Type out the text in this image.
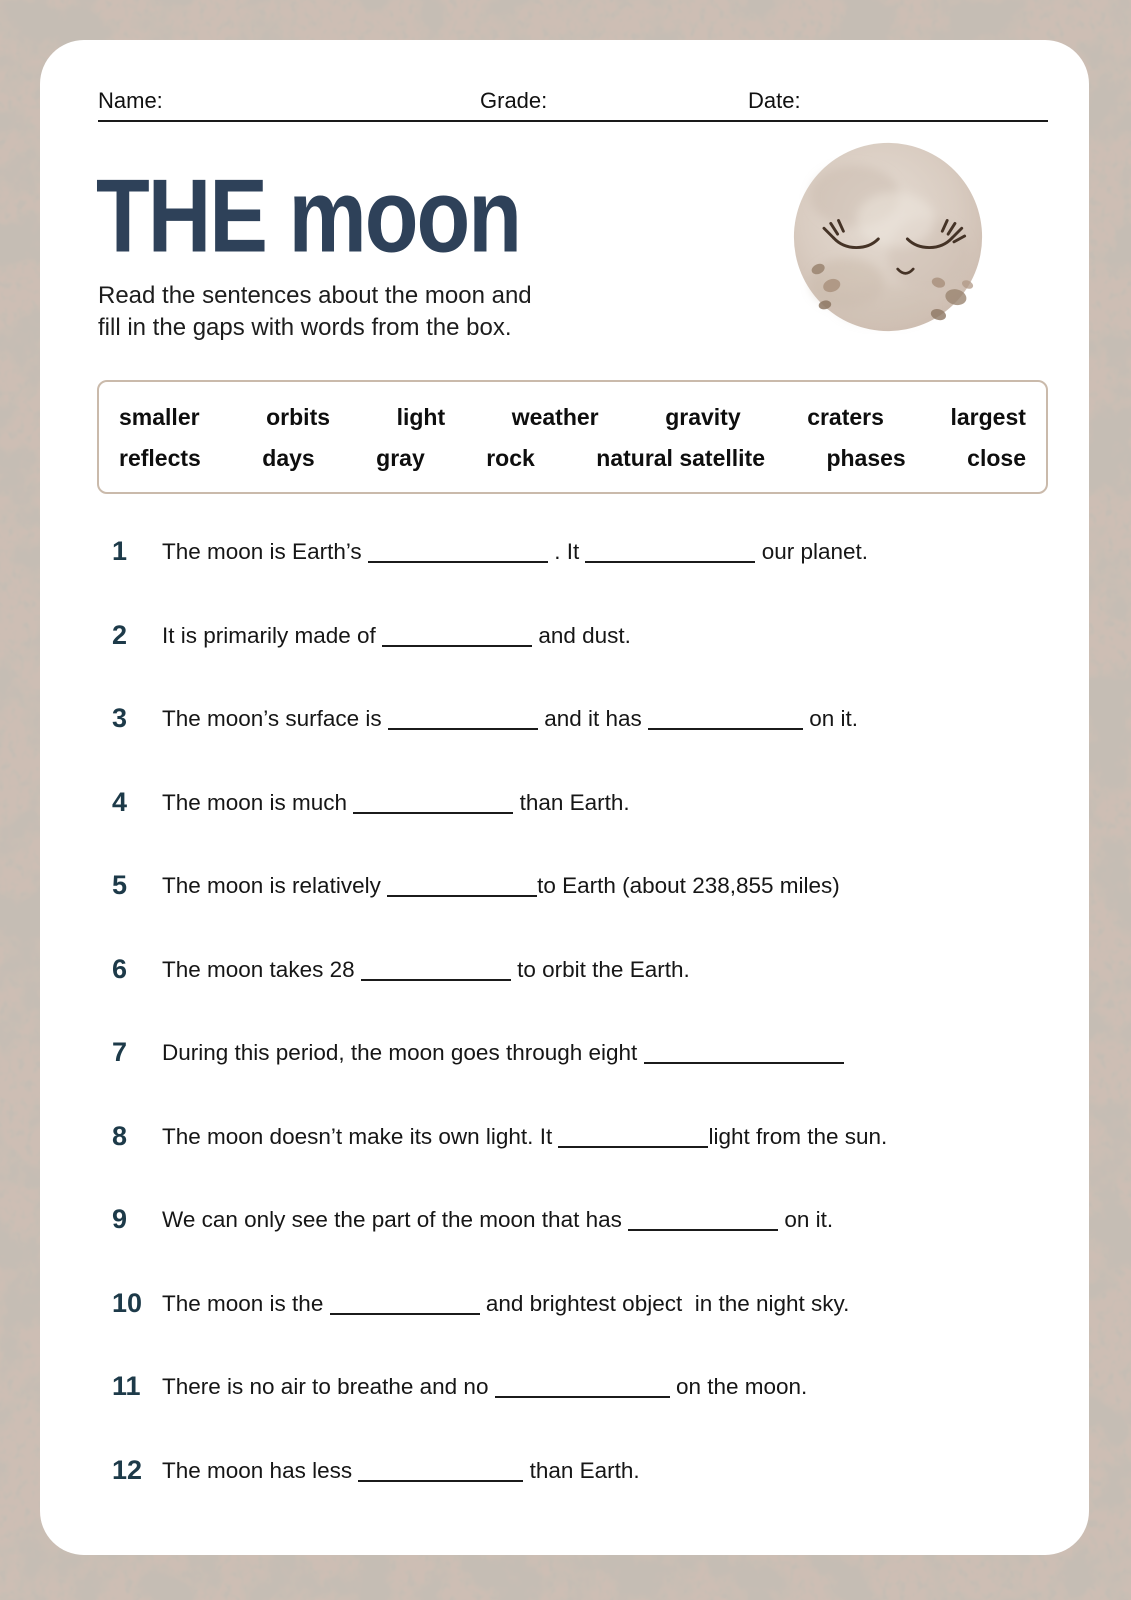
Name:	Grade:	Date:
THE moon
Read the sentences about the moon and
fill in the gaps with words from the box.
smaller	orbits	light	weather	gravity	craters	largest
reflects	days	gray	rock	natural satellite	phases	close
1	The moon is Earth’s	. It	our planet.
2	It is primarily made of	and dust.
3	The moon’s surface is	and it has	on it.
4	The moon is much	than Earth.
5	The moon is relatively	to Earth (about 238,855 miles)
6	The moon takes 28	to orbit the Earth.
7	During this period, the moon goes through eight
8	The moon doesn’t make its own light. It	light from the sun.
9	We can only see the part of the moon that has	on it.
10 The moon is the	and brightest object  in the night sky.
11 There is no air to breathe and no	on the moon.
12 The moon has less	than Earth.
